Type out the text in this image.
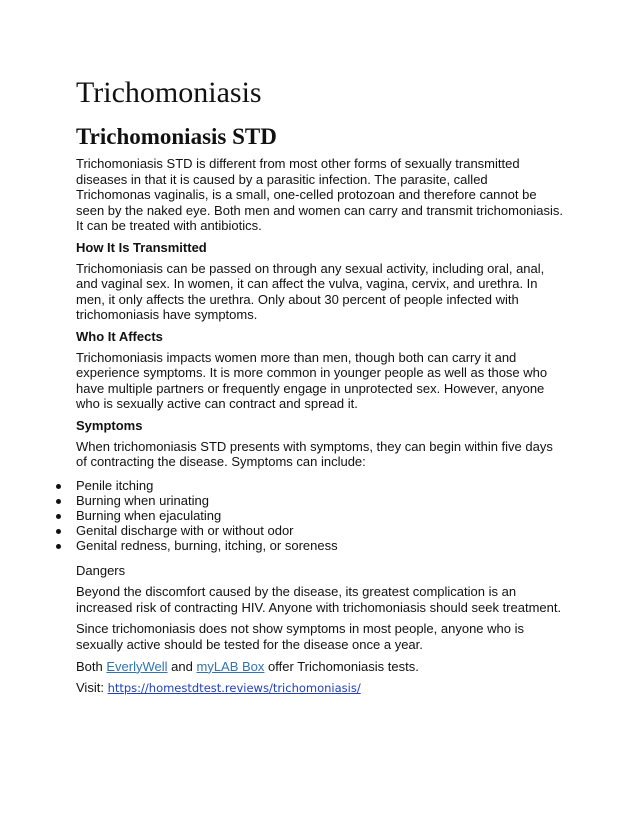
Trichomoniasis
Trichomoniasis STD

Trichomoniasis STD is different from most other forms of sexually transmitted diseases in that it is caused by a parasitic infection. The parasite, called Trichomonas vaginalis, is a small, one-celled protozoan and therefore cannot be seen by the naked eye. Both men and women can carry and transmit trichomoniasis. It can be treated with antibiotics.

How It Is Transmitted

Trichomoniasis can be passed on through any sexual activity, including oral, anal, and vaginal sex. In women, it can affect the vulva, vagina, cervix, and urethra. In men, it only affects the urethra. Only about 30 percent of people infected with trichomoniasis have symptoms.

Who It Affects

Trichomoniasis impacts women more than men, though both can carry it and experience symptoms. It is more common in younger people as well as those who have multiple partners or frequently engage in unprotected sex. However, anyone who is sexually active can contract and spread it.

Symptoms

When trichomoniasis STD presents with symptoms, they can begin within five days of contracting the disease. Symptoms can include:

Penile itching
Burning when urinating
Burning when ejaculating
Genital discharge with or without odor
Genital redness, burning, itching, or soreness

Dangers

Beyond the discomfort caused by the disease, its greatest complication is an increased risk of contracting HIV. Anyone with trichomoniasis should seek treatment.

Since trichomoniasis does not show symptoms in most people, anyone who is sexually active should be tested for the disease once a year.

Both EverlyWell and myLAB Box offer Trichomoniasis tests.

Visit: https://homestdtest.reviews/trichomoniasis/
